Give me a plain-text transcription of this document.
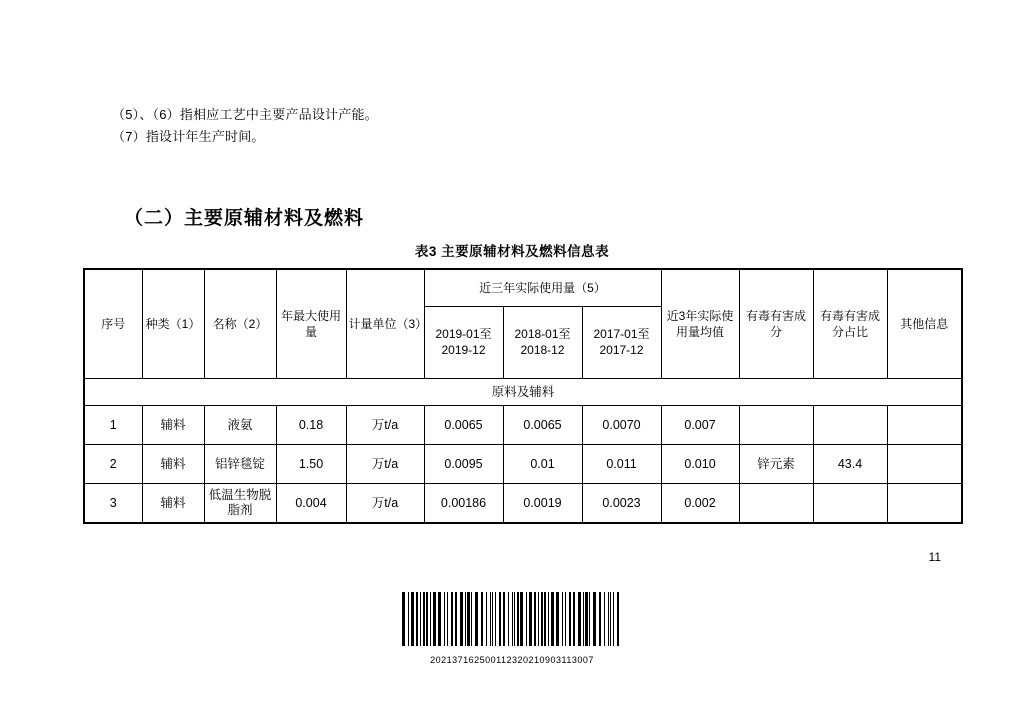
（5）、（6）指相应工艺中主要产品设计产能。
（7）指设计年生产时间。
（二）主要原辅材料及燃料
表3 主要原辅材料及燃料信息表
序号	种类（1）	名称（2）	年最大使用量	计量单位（3）	近三年实际使用量（5）			近3年实际使用量均值	有毒有害成分	有毒有害成分占比	其他信息
					2019-01至2019-12	2018-01至2018-12	2017-01至2017-12				
原料及辅料											
1	辅料	液氨	0.18	万t/a	0.0065	0.0065	0.0070	0.007			
2	辅料	铝锌毯锭	1.50	万t/a	0.0095	0.01	0.011	0.010	锌元素	43.4	
3	辅料	低温生物脱脂剂	0.004	万t/a	0.00186	0.0019	0.0023	0.002			
11
202137162500112320210903113007
